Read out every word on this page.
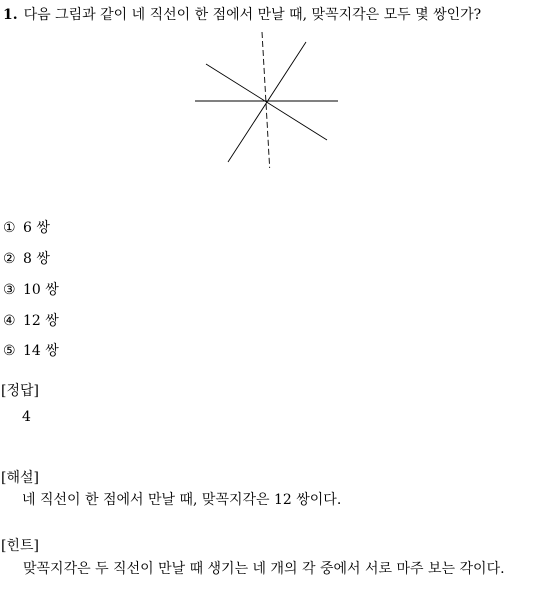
1. 다음 그림과 같이 네 직선이 한 점에서 만날 때, 맞꼭지각은 모두 몇 쌍인가?
① 6 쌍
② 8 쌍
③ 10 쌍
④ 12 쌍
⑤ 14 쌍
[정답]
4
[해설]
네 직선이 한 점에서 만날 때, 맞꼭지각은 12 쌍이다.
[힌트]
맞꼭지각은 두 직선이 만날 때 생기는 네 개의 각 중에서 서로 마주 보는 각이다.
